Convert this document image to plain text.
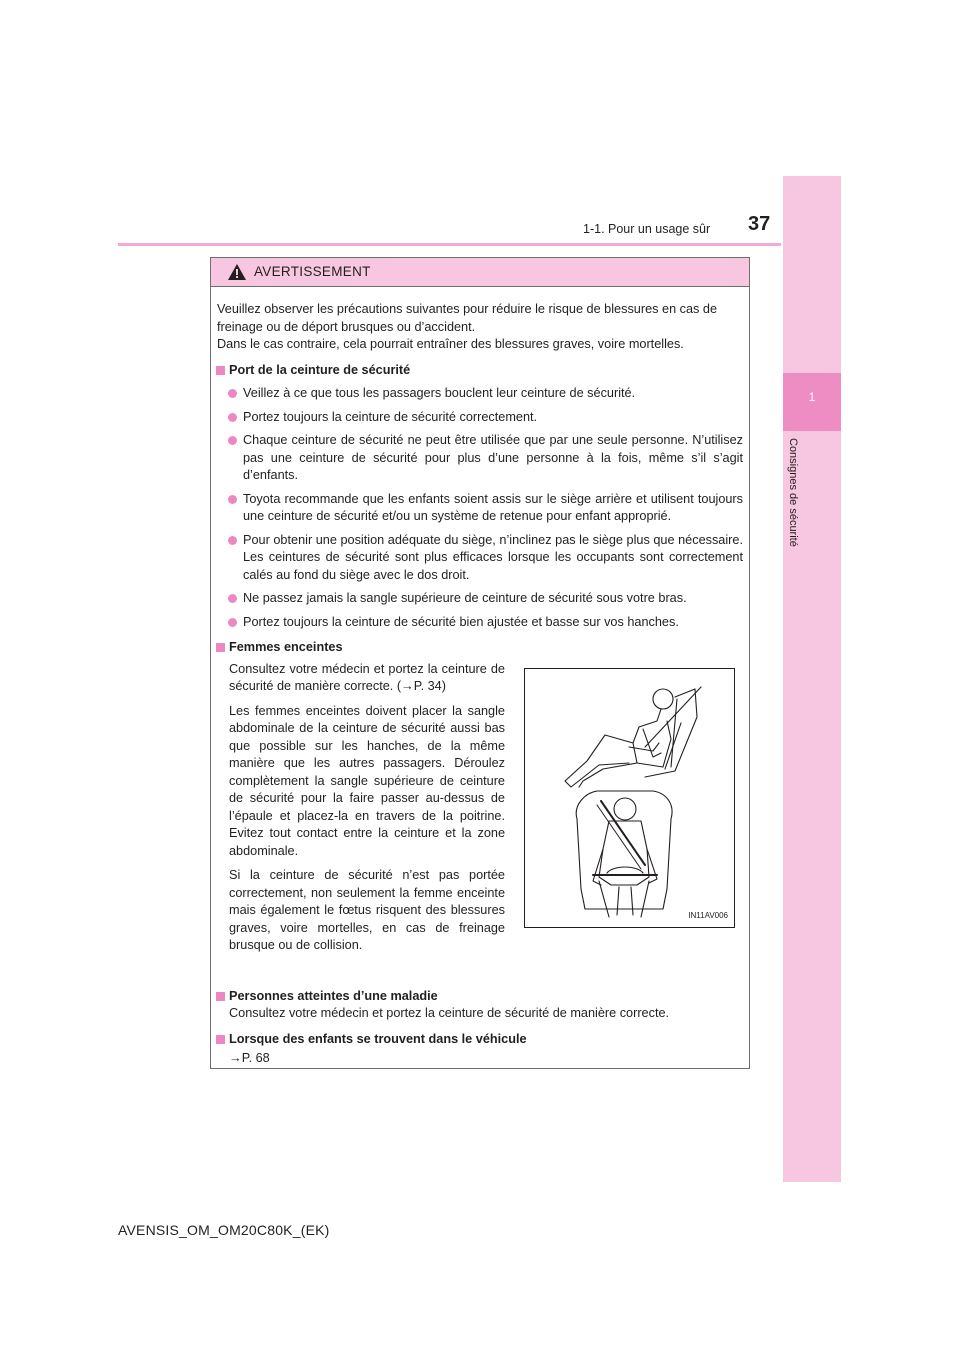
1-1. Pour un usage sûr 37
1
Consignes de sécurité
AVERTISSEMENT

Veuillez observer les précautions suivantes pour réduire le risque de blessures en cas de freinage ou de déport brusques ou d’accident.

Dans le cas contraire, cela pourrait entraîner des blessures graves, voire mortelles.

Port de la ceinture de sécurité
Veillez à ce que tous les passagers bouclent leur ceinture de sécurité.
Portez toujours la ceinture de sécurité correctement.
Chaque ceinture de sécurité ne peut être utilisée que par une seule personne. N’utilisez pas une ceinture de sécurité pour plus d’une personne à la fois, même s’il s’agit d’enfants.
Toyota recommande que les enfants soient assis sur le siège arrière et utilisent toujours une ceinture de sécurité et/ou un système de retenue pour enfant approprié.
Pour obtenir une position adéquate du siège, n’inclinez pas le siège plus que nécessaire. Les ceintures de sécurité sont plus efficaces lorsque les occupants sont correctement calés au fond du siège avec le dos droit.
Ne passez jamais la sangle supérieure de ceinture de sécurité sous votre bras.
Portez toujours la ceinture de sécurité bien ajustée et basse sur vos hanches.
Femmes enceintes

Consultez votre médecin et portez la ceinture de sécurité de manière correcte. (→P. 34)

Les femmes enceintes doivent placer la sangle abdominale de la ceinture de sécurité aussi bas que possible sur les hanches, de la même manière que les autres passagers. Déroulez complètement la sangle supérieure de ceinture de sécurité pour la faire passer au-dessus de l’épaule et placez-la en travers de la poitrine. Evitez tout contact entre la ceinture et la zone abdominale.

Si la ceinture de sécurité n’est pas portée correctement, non seulement la femme enceinte mais également le fœtus risquent des blessures graves, voire mortelles, en cas de freinage brusque ou de collision.

IN11AV006
Personnes atteintes d’une maladie

Consultez votre médecin et portez la ceinture de sécurité de manière correcte.

Lorsque des enfants se trouvent dans le véhicule

→P. 68

AVENSIS_OM_OM20C80K_(EK)
